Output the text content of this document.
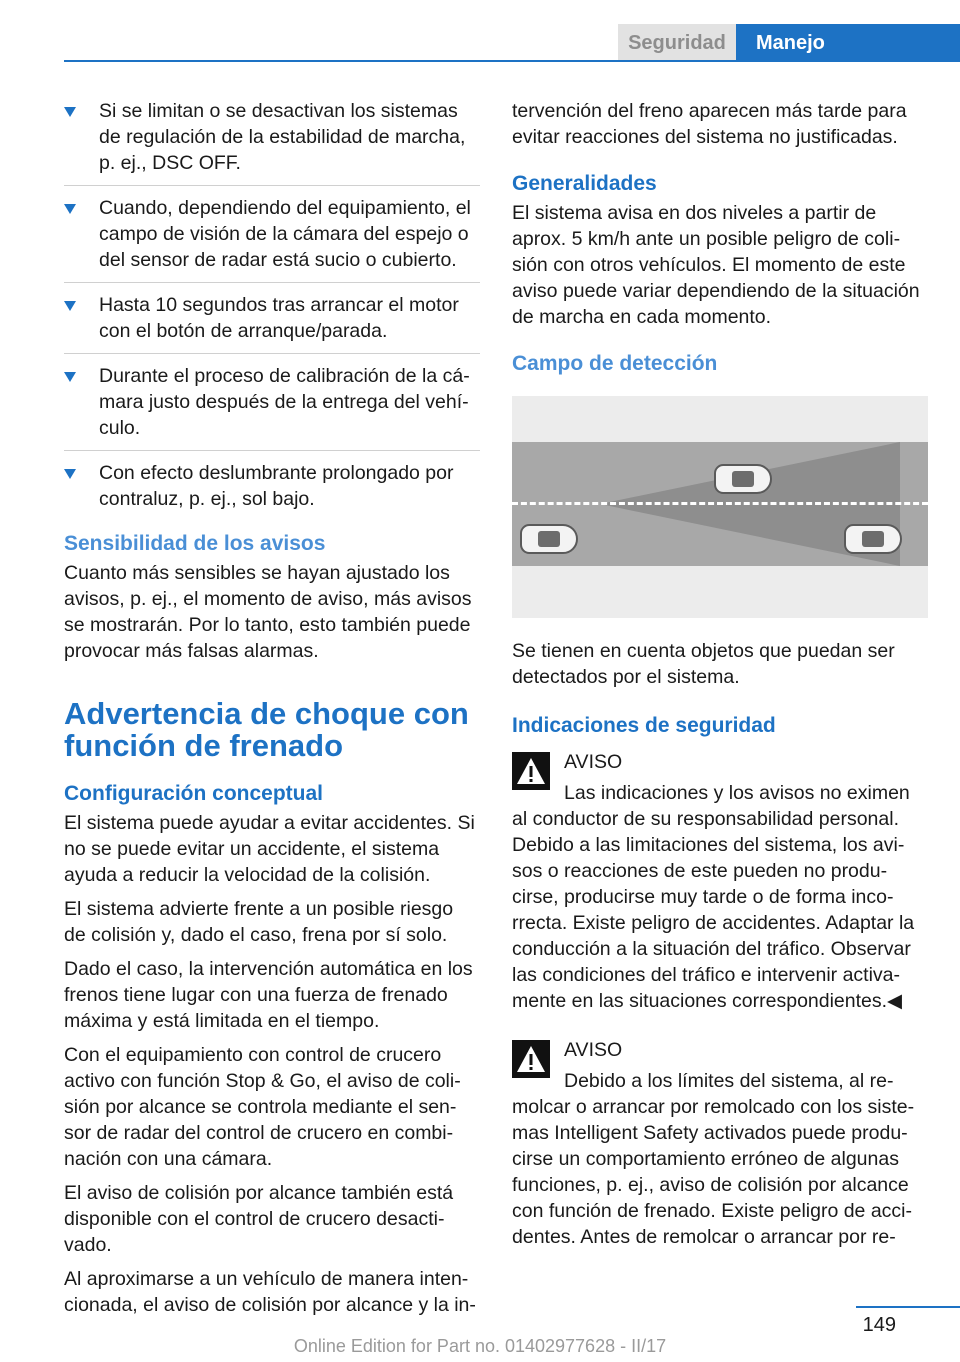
Seguridad	Manejo
Si se limitan o se desactivan los sistemas de regulación de la estabilidad de marcha, p. ej., DSC OFF.
Cuando, dependiendo del equipamiento, el campo de visión de la cámara del espejo o del sensor de radar está sucio o cubierto.
Hasta 10 segundos tras arrancar el motor con el botón de arranque/parada.
Durante el proceso de calibración de la cá‐ mara justo después de la entrega del vehí‐ culo.
Con efecto deslumbrante prolongado por contraluz, p. ej., sol bajo.
Sensibilidad de los avisos

Cuanto más sensibles se hayan ajustado los avisos, p. ej., el momento de aviso, más avisos se mostrarán. Por lo tanto, esto también puede provocar más falsas alarmas.

Advertencia de choque con función de frenado
Configuración conceptual

El sistema puede ayudar a evitar accidentes. Si no se puede evitar un accidente, el sistema ayuda a reducir la velocidad de la colisión.

El sistema advierte frente a un posible riesgo de colisión y, dado el caso, frena por sí solo.

Dado el caso, la intervención automática en los frenos tiene lugar con una fuerza de frenado máxima y está limitada en el tiempo.

Con el equipamiento con control de crucero activo con función Stop & Go, el aviso de coli‐ sión por alcance se controla mediante el sen‐ sor de radar del control de crucero en combi‐ nación con una cámara.

El aviso de colisión por alcance también está disponible con el control de crucero desacti‐ vado.

Al aproximarse a un vehículo de manera inten‐ cionada, el aviso de colisión por alcance y la in‐

tervención del freno aparecen más tarde para evitar reacciones del sistema no justificadas.

Generalidades

El sistema avisa en dos niveles a partir de aprox. 5 km/h ante un posible peligro de coli‐ sión con otros vehículos. El momento de este aviso puede variar dependiendo de la situación de marcha en cada momento.

Campo de detección

Se tienen en cuenta objetos que puedan ser detectados por el sistema.

Indicaciones de seguridad
AVISO
Las indicaciones y los avisos no eximen al conductor de su responsabilidad personal. Debido a las limitaciones del sistema, los avi‐ sos o reacciones de este pueden no produ‐ cirse, producirse muy tarde o de forma inco‐ rrecta. Existe peligro de accidentes. Adaptar la conducción a la situación del tráfico. Observar las condiciones del tráfico e intervenir activa‐ mente en las situaciones correspondientes.◀
AVISO
Debido a los límites del sistema, al re‐ molcar o arrancar por remolcado con los siste‐ mas Intelligent Safety activados puede produ‐ cirse un comportamiento erróneo de algunas funciones, p. ej., aviso de colisión por alcance con función de frenado. Existe peligro de acci‐ dentes. Antes de remolcar o arrancar por re‐
149
Online Edition for Part no. 01402977628 - II/17
